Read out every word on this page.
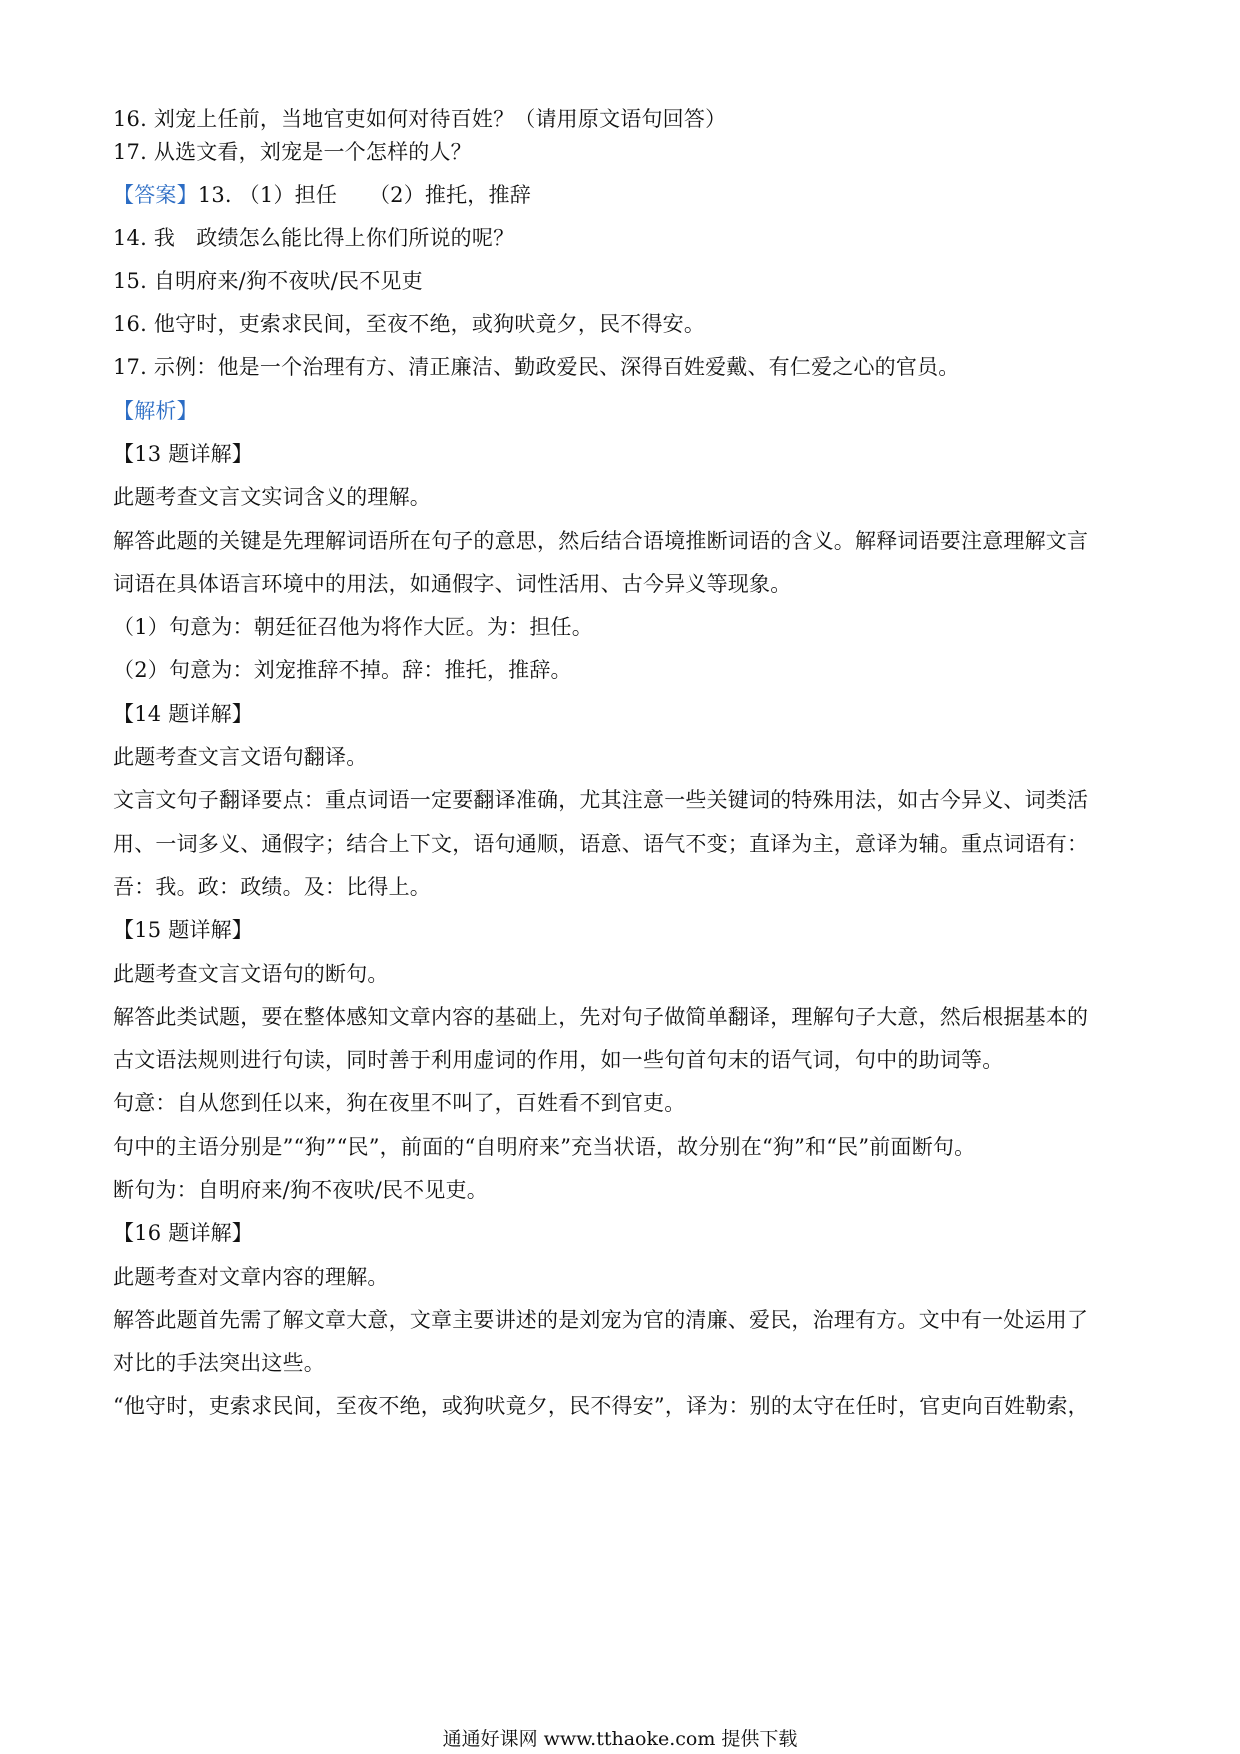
16. 刘宠上任前，当地官吏如何对待百姓？（请用原文语句回答）
17. 从选文看，刘宠是一个怎样的人？
【答案】13. （1）担任　　（2）推托，推辞
14. 我　政绩怎么能比得上你们所说的呢？
15. 自明府来/狗不夜吠/民不见吏
16. 他守时，吏索求民间，至夜不绝，或狗吠竟夕，民不得安。
17. 示例：他是一个治理有方、清正廉洁、勤政爱民、深得百姓爱戴、有仁爱之心的官员。
【解析】
【13 题详解】
此题考查文言文实词含义的理解。
解答此题的关键是先理解词语所在句子的意思，然后结合语境推断词语的含义。解释词语要注意理解文言
词语在具体语言环境中的用法，如通假字、词性活用、古今异义等现象。
（1）句意为：朝廷征召他为将作大匠。为：担任。
（2）句意为：刘宠推辞不掉。辞：推托，推辞。
【14 题详解】
此题考查文言文语句翻译。
文言文句子翻译要点：重点词语一定要翻译准确，尤其注意一些关键词的特殊用法，如古今异义、词类活
用、一词多义、通假字；结合上下文，语句通顺，语意、语气不变；直译为主，意译为辅。重点词语有：
吾：我。政：政绩。及：比得上。
【15 题详解】
此题考查文言文语句的断句。
解答此类试题，要在整体感知文章内容的基础上，先对句子做简单翻译，理解句子大意，然后根据基本的
古文语法规则进行句读，同时善于利用虚词的作用，如一些句首句末的语气词，句中的助词等。
句意：自从您到任以来，狗在夜里不叫了，百姓看不到官吏。
句中的主语分别是”“狗”“民”，前面的“自明府来”充当状语，故分别在“狗”和“民”前面断句。
断句为：自明府来/狗不夜吠/民不见吏。
【16 题详解】
此题考查对文章内容的理解。
解答此题首先需了解文章大意，文章主要讲述的是刘宠为官的清廉、爱民，治理有方。文中有一处运用了
对比的手法突出这些。
“他守时，吏索求民间，至夜不绝，或狗吠竟夕，民不得安”，译为：别的太守在任时，官吏向百姓勒索，
通通好课网 www.tthaoke.com 提供下载
